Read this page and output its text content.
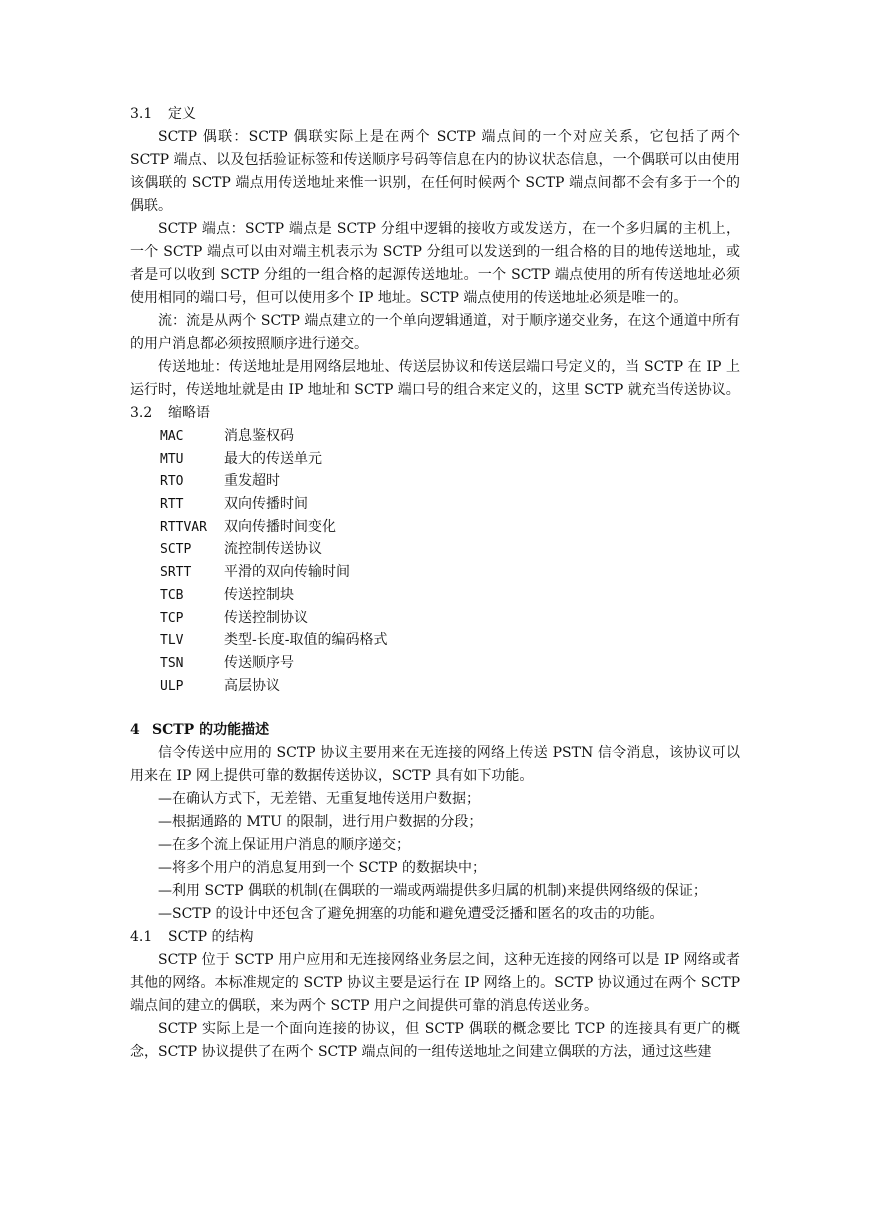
3.1 定义

SCTP 偶联：SCTP 偶联实际上是在两个 SCTP 端点间的一个对应关系，它包括了两个 SCTP 端点、以及包括验证标签和传送顺序号码等信息在内的协议状态信息，一个偶联可以由使用该偶联的 SCTP 端点用传送地址来惟一识别，在任何时候两个 SCTP 端点间都不会有多于一个的偶联。

SCTP 端点：SCTP 端点是 SCTP 分组中逻辑的接收方或发送方，在一个多归属的主机上，一个 SCTP 端点可以由对端主机表示为 SCTP 分组可以发送到的一组合格的目的地传送地址，或者是可以收到 SCTP 分组的一组合格的起源传送地址。一个 SCTP 端点使用的所有传送地址必须使用相同的端口号，但可以使用多个 IP 地址。SCTP 端点使用的传送地址必须是唯一的。

流：流是从两个 SCTP 端点建立的一个单向逻辑通道，对于顺序递交业务，在这个通道中所有的用户消息都必须按照顺序进行递交。

传送地址：传送地址是用网络层地址、传送层协议和传送层端口号定义的，当 SCTP 在 IP 上运行时，传送地址就是由 IP 地址和 SCTP 端口号的组合来定义的，这里 SCTP 就充当传送协议。

3.2 缩略语
MAC	消息鉴权码
MTU	最大的传送单元
RTO	重发超时
RTT	双向传播时间
RTTVAR 双向传播时间变化
SCTP 流控制传送协议
SRTT 平滑的双向传输时间
TCB	传送控制块
TCP	传送控制协议
TLV	类型-长度-取值的编码格式
TSN	传送顺序号
ULP	高层协议
4 SCTP 的功能描述

信令传送中应用的 SCTP 协议主要用来在无连接的网络上传送 PSTN 信令消息，该协议可以用来在 IP 网上提供可靠的数据传送协议，SCTP 具有如下功能。

—在确认方式下，无差错、无重复地传送用户数据；

—根据通路的 MTU 的限制，进行用户数据的分段；

—在多个流上保证用户消息的顺序递交；

—将多个用户的消息复用到一个 SCTP 的数据块中；

—利用 SCTP 偶联的机制(在偶联的一端或两端提供多归属的机制)来提供网络级的保证；

—SCTP 的设计中还包含了避免拥塞的功能和避免遭受泛播和匿名的攻击的功能。

4.1 SCTP 的结构

SCTP 位于 SCTP 用户应用和无连接网络业务层之间，这种无连接的网络可以是 IP 网络或者其他的网络。本标准规定的 SCTP 协议主要是运行在 IP 网络上的。SCTP 协议通过在两个 SCTP 端点间的建立的偶联，来为两个 SCTP 用户之间提供可靠的消息传送业务。

SCTP 实际上是一个面向连接的协议，但 SCTP 偶联的概念要比 TCP 的连接具有更广的概念，SCTP 协议提供了在两个 SCTP 端点间的一组传送地址之间建立偶联的方法，通过这些建
